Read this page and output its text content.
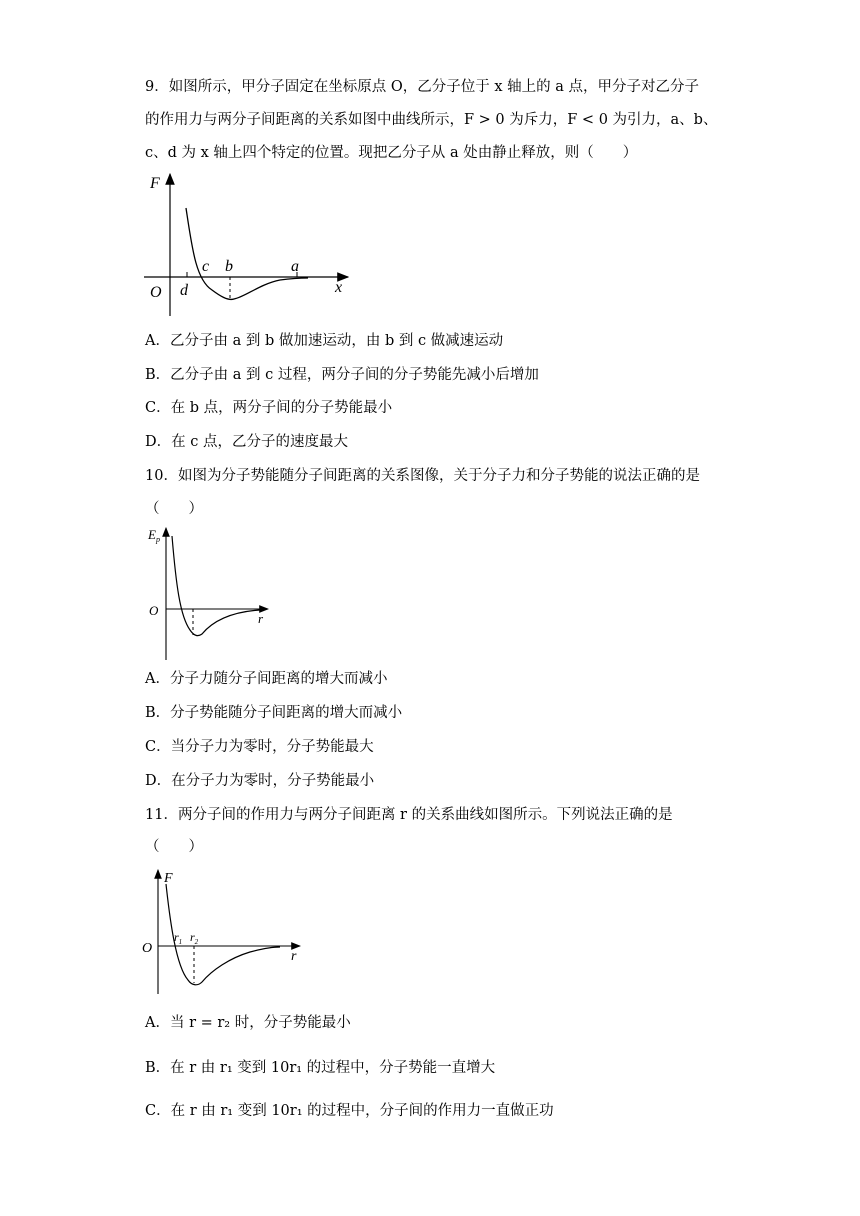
9．如图所示，甲分子固定在坐标原点 O，乙分子位于 x 轴上的 a 点，甲分子对乙分子
的作用力与两分子间距离的关系如图中曲线所示，F > 0 为斥力，F < 0 为引力，a、b、
c、d 为 x 轴上四个特定的位置。现把乙分子从 a 处由静止释放，则（　　）
F
O d
c b	a
x
A．乙分子由 a 到 b 做加速运动，由 b 到 c 做减速运动
B．乙分子由 a 到 c 过程，两分子间的分子势能先减小后增加
C．在 b 点，两分子间的分子势能最小
D．在 c 点，乙分子的速度最大
10．如图为分子势能随分子间距离的关系图像，关于分子力和分子势能的说法正确的是
（　　）
$E_p$
O
r
A．分子力随分子间距离的增大而减小
B．分子势能随分子间距离的增大而减小
C．当分子力为零时，分子势能最大
D．在分子力为零时，分子势能最小
11．两分子间的作用力与两分子间距离 r 的关系曲线如图所示。下列说法正确的是
（　　）
F
O
$r_1$ $r_2$
r
A．当 r = r₂ 时，分子势能最小
B．在 r 由 r₁ 变到 10r₁ 的过程中，分子势能一直增大
C．在 r 由 r₁ 变到 10r₁ 的过程中，分子间的作用力一直做正功
